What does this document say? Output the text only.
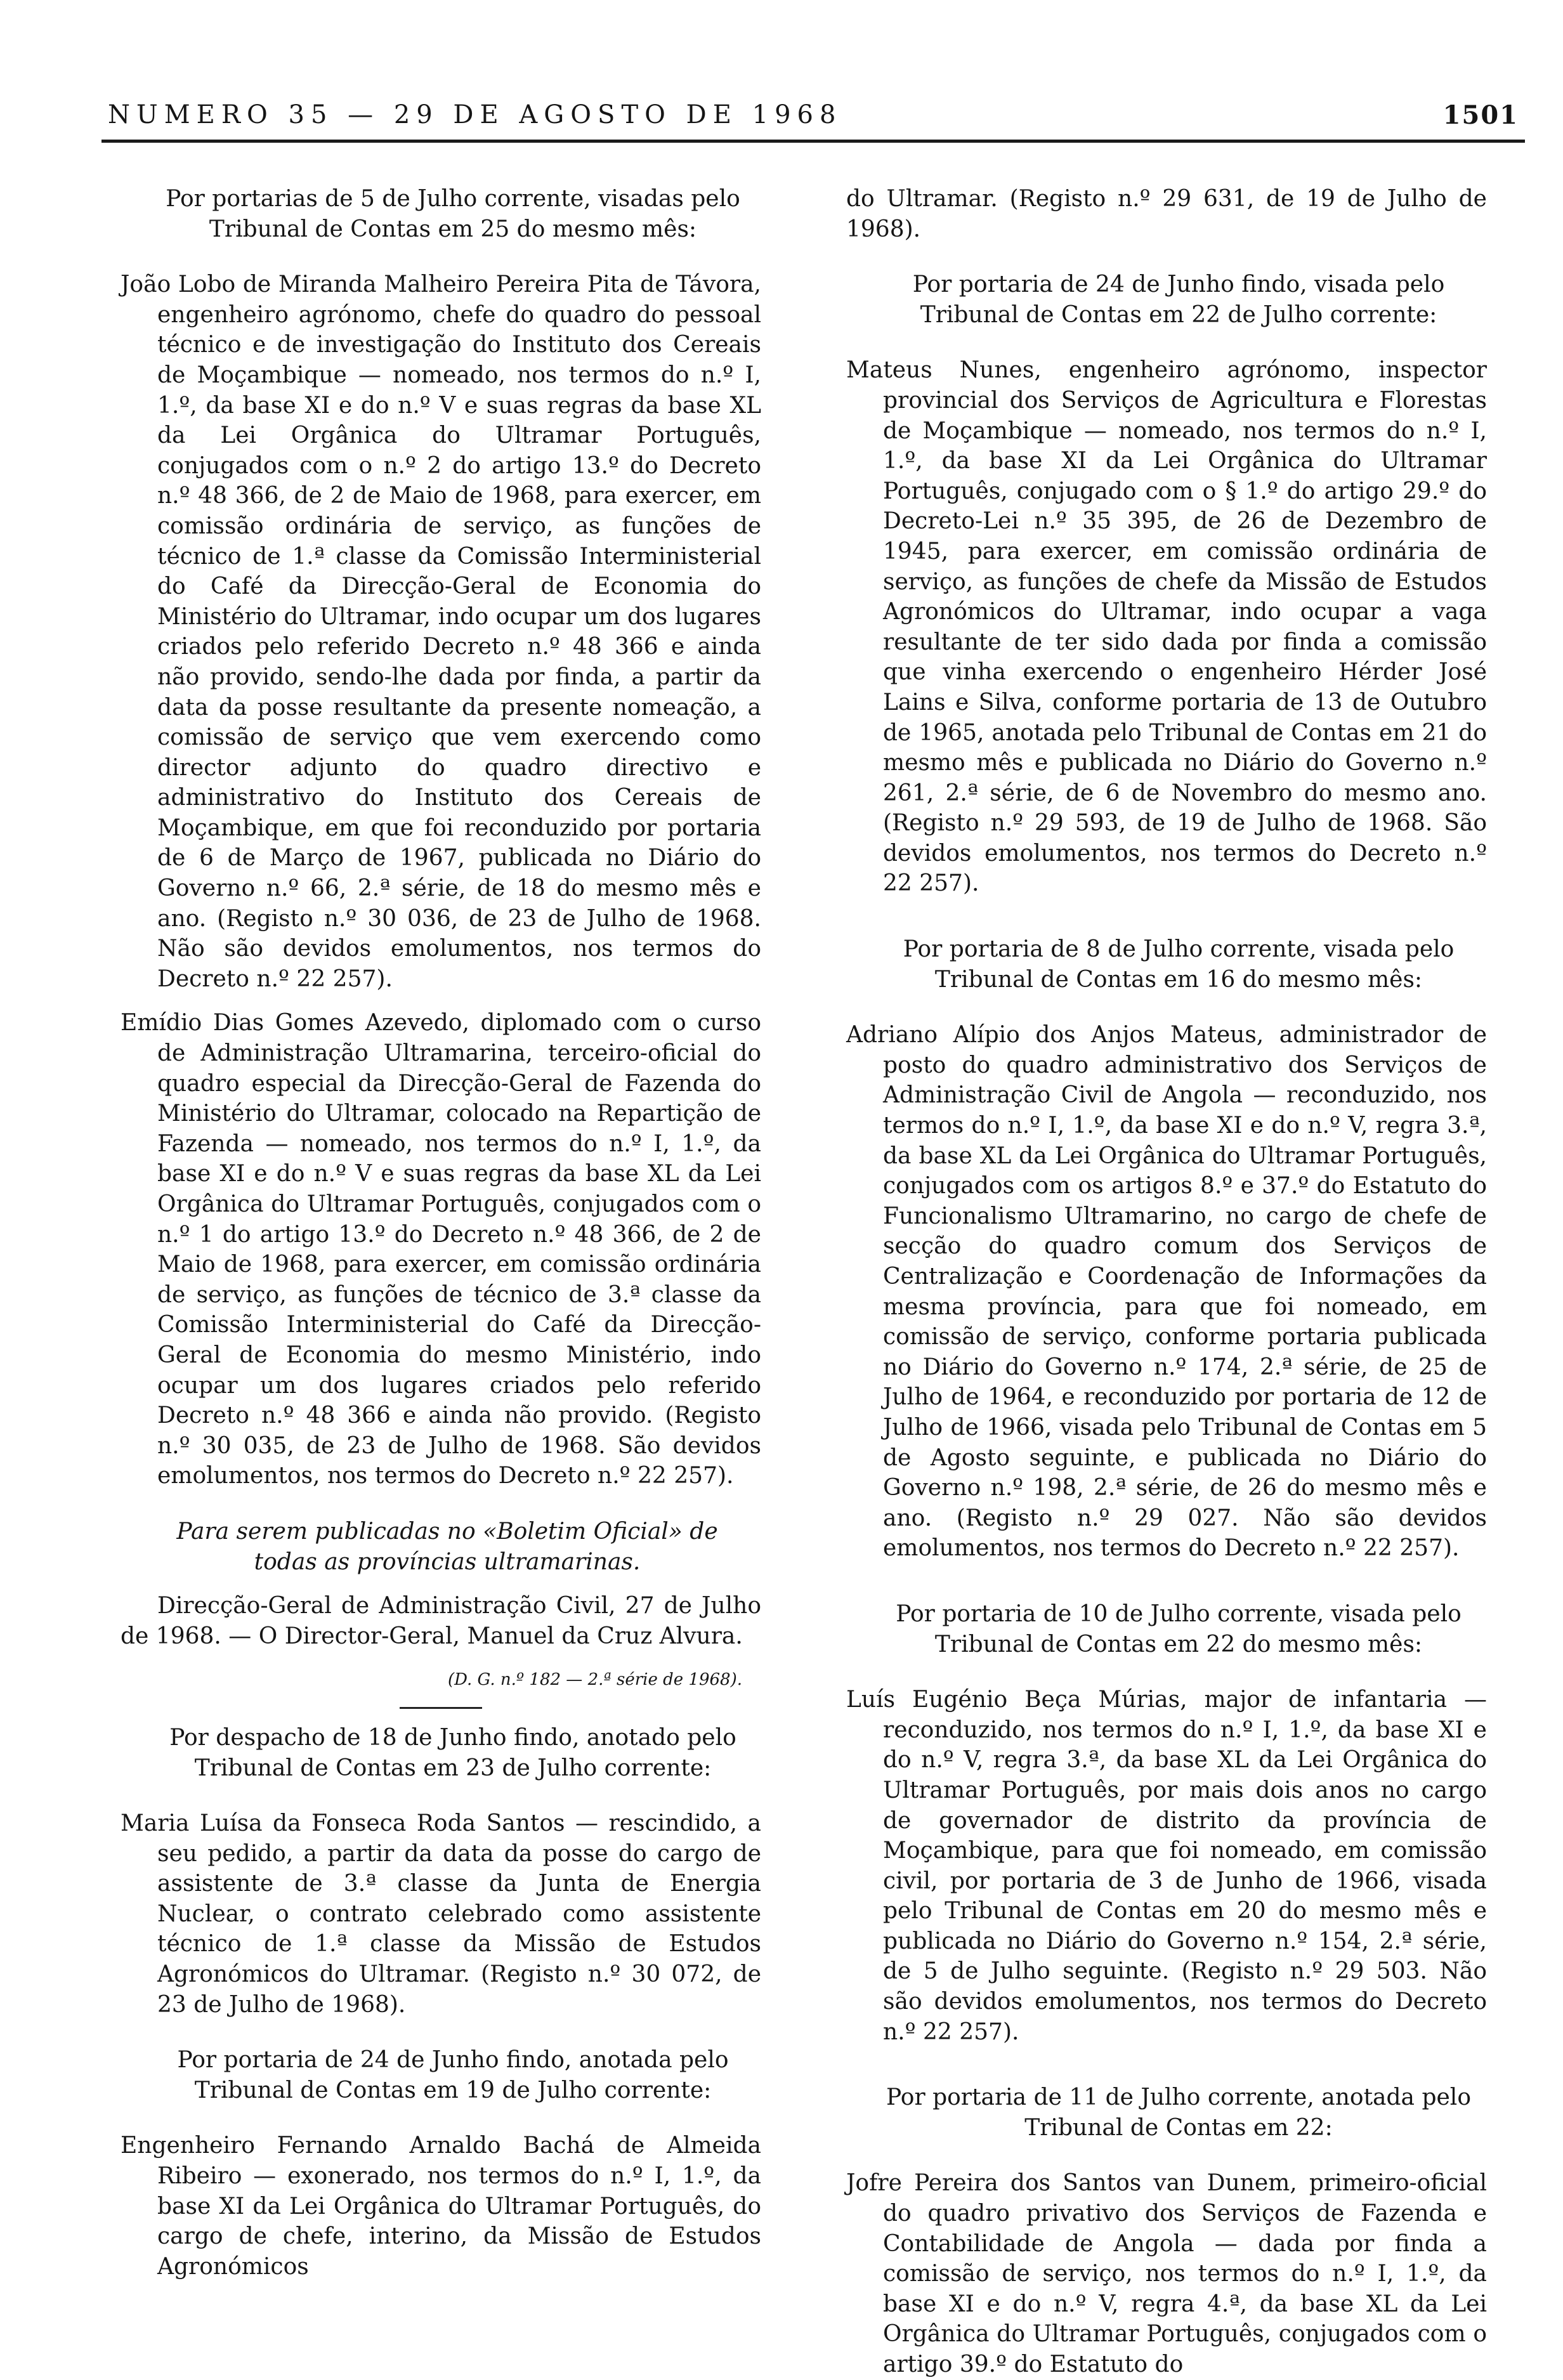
NUMERO 35 — 29 DE AGOSTO DE 1968	1501

Por portarias de 5 de Julho corrente, visadas pelo Tribunal de Contas em 25 do mesmo mês:

João Lobo de Miranda Malheiro Pereira Pita de Távora, engenheiro agrónomo, chefe do quadro do pessoal técnico e de investigação do Instituto dos Cereais de Moçambique — nomeado, nos termos do n.º I, 1.º, da base XI e do n.º V e suas regras da base XL da Lei Orgânica do Ultramar Português, conjugados com o n.º 2 do artigo 13.º do Decreto n.º 48 366, de 2 de Maio de 1968, para exercer, em comissão ordinária de serviço, as funções de técnico de 1.ª classe da Comissão Interministerial do Café da Direcção-Geral de Economia do Ministério do Ultramar, indo ocupar um dos lugares criados pelo referido Decreto n.º 48 366 e ainda não provido, sendo-lhe dada por finda, a partir da data da posse resultante da presente nomeação, a comissão de serviço que vem exercendo como director adjunto do quadro directivo e administrativo do Instituto dos Cereais de Moçambique, em que foi reconduzido por portaria de 6 de Março de 1967, publicada no Diário do Governo n.º 66, 2.ª série, de 18 do mesmo mês e ano. (Registo n.º 30 036, de 23 de Julho de 1968. Não são devidos emolumentos, nos termos do Decreto n.º 22 257).

Emídio Dias Gomes Azevedo, diplomado com o curso de Administração Ultramarina, terceiro-oficial do quadro especial da Direcção-Geral de Fazenda do Ministério do Ultramar, colocado na Repartição de Fazenda — nomeado, nos termos do n.º I, 1.º, da base XI e do n.º V e suas regras da base XL da Lei Orgânica do Ultramar Português, conjugados com o n.º 1 do artigo 13.º do Decreto n.º 48 366, de 2 de Maio de 1968, para exercer, em comissão ordinária de serviço, as funções de técnico de 3.ª classe da Comissão Interministerial do Café da Direcção-Geral de Economia do mesmo Ministério, indo ocupar um dos lugares criados pelo referido Decreto n.º 48 366 e ainda não provido. (Registo n.º 30 035, de 23 de Julho de 1968. São devidos emolumentos, nos termos do Decreto n.º 22 257).

Para serem publicadas no «Boletim Oficial» de todas as províncias ultramarinas.

Direcção-Geral de Administração Civil, 27 de Julho de 1968. — O Director-Geral, Manuel da Cruz Alvura.

(D. G. n.º 182 — 2.ª série de 1968).

Por despacho de 18 de Junho findo, anotado pelo Tribunal de Contas em 23 de Julho corrente:

Maria Luísa da Fonseca Roda Santos — rescindido, a seu pedido, a partir da data da posse do cargo de assistente de 3.ª classe da Junta de Energia Nuclear, o contrato celebrado como assistente técnico de 1.ª classe da Missão de Estudos Agronómicos do Ultramar. (Registo n.º 30 072, de 23 de Julho de 1968).

Por portaria de 24 de Junho findo, anotada pelo Tribunal de Contas em 19 de Julho corrente:

Engenheiro Fernando Arnaldo Bachá de Almeida Ribeiro — exonerado, nos termos do n.º I, 1.º, da base XI da Lei Orgânica do Ultramar Português, do cargo de chefe, interino, da Missão de Estudos Agronómicos

do Ultramar. (Registo n.º 29 631, de 19 de Julho de 1968).

Por portaria de 24 de Junho findo, visada pelo Tribunal de Contas em 22 de Julho corrente:

Mateus Nunes, engenheiro agrónomo, inspector provincial dos Serviços de Agricultura e Florestas de Moçambique — nomeado, nos termos do n.º I, 1.º, da base XI da Lei Orgânica do Ultramar Português, conjugado com o § 1.º do artigo 29.º do Decreto-Lei n.º 35 395, de 26 de Dezembro de 1945, para exercer, em comissão ordinária de serviço, as funções de chefe da Missão de Estudos Agronómicos do Ultramar, indo ocupar a vaga resultante de ter sido dada por finda a comissão que vinha exercendo o engenheiro Hérder José Lains e Silva, conforme portaria de 13 de Outubro de 1965, anotada pelo Tribunal de Contas em 21 do mesmo mês e publicada no Diário do Governo n.º 261, 2.ª série, de 6 de Novembro do mesmo ano. (Registo n.º 29 593, de 19 de Julho de 1968. São devidos emolumentos, nos termos do Decreto n.º 22 257).

Por portaria de 8 de Julho corrente, visada pelo Tribunal de Contas em 16 do mesmo mês:

Adriano Alípio dos Anjos Mateus, administrador de posto do quadro administrativo dos Serviços de Administração Civil de Angola — reconduzido, nos termos do n.º I, 1.º, da base XI e do n.º V, regra 3.ª, da base XL da Lei Orgânica do Ultramar Português, conjugados com os artigos 8.º e 37.º do Estatuto do Funcionalismo Ultramarino, no cargo de chefe de secção do quadro comum dos Serviços de Centralização e Coordenação de Informações da mesma província, para que foi nomeado, em comissão de serviço, conforme portaria publicada no Diário do Governo n.º 174, 2.ª série, de 25 de Julho de 1964, e reconduzido por portaria de 12 de Julho de 1966, visada pelo Tribunal de Contas em 5 de Agosto seguinte, e publicada no Diário do Governo n.º 198, 2.ª série, de 26 do mesmo mês e ano. (Registo n.º 29 027. Não são devidos emolumentos, nos termos do Decreto n.º 22 257).

Por portaria de 10 de Julho corrente, visada pelo Tribunal de Contas em 22 do mesmo mês:

Luís Eugénio Beça Múrias, major de infantaria — reconduzido, nos termos do n.º I, 1.º, da base XI e do n.º V, regra 3.ª, da base XL da Lei Orgânica do Ultramar Português, por mais dois anos no cargo de governador de distrito da província de Moçambique, para que foi nomeado, em comissão civil, por portaria de 3 de Junho de 1966, visada pelo Tribunal de Contas em 20 do mesmo mês e publicada no Diário do Governo n.º 154, 2.ª série, de 5 de Julho seguinte. (Registo n.º 29 503. Não são devidos emolumentos, nos termos do Decreto n.º 22 257).

Por portaria de 11 de Julho corrente, anotada pelo Tribunal de Contas em 22:

Jofre Pereira dos Santos van Dunem, primeiro-oficial do quadro privativo dos Serviços de Fazenda e Contabilidade de Angola — dada por finda a comissão de serviço, nos termos do n.º I, 1.º, da base XI e do n.º V, regra 4.ª, da base XL da Lei Orgânica do Ultramar Português, conjugados com o artigo 39.º do Estatuto do
